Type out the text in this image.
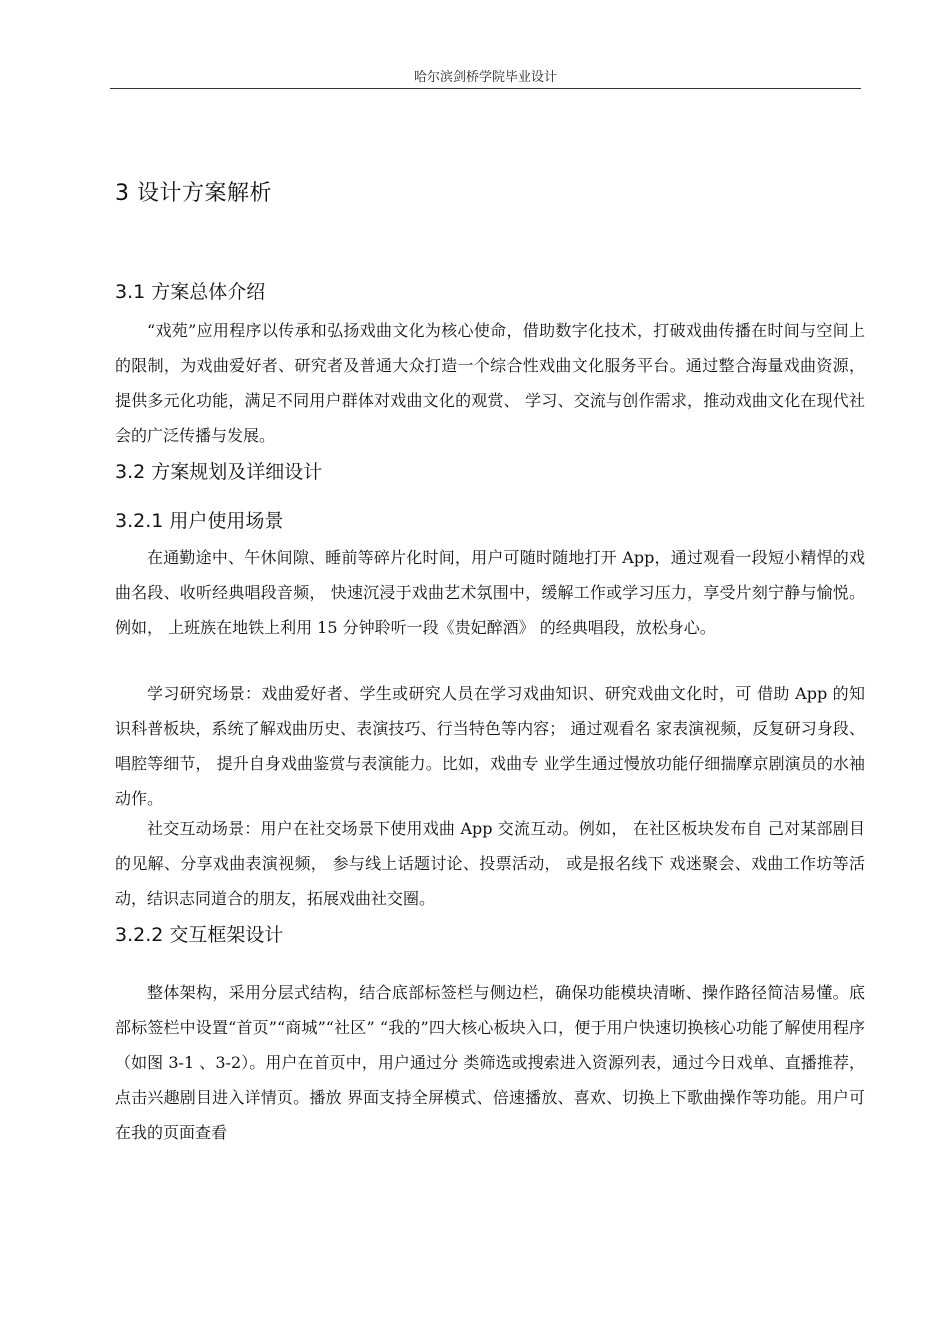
哈尔滨剑桥学院毕业设计
3 设计方案解析
3.1 方案总体介绍

“戏苑”应用程序以传承和弘扬戏曲文化为核心使命，借助数字化技术，打破戏曲传播在时间与空间上的限制，为戏曲爱好者、研究者及普通大众打造一个综合性戏曲文化服务平台。通过整合海量戏曲资源，提供多元化功能，满足不同用户群体对戏曲文化的观赏、 学习、交流与创作需求，推动戏曲文化在现代社会的广泛传播与发展。

3.2 方案规划及详细设计
3.2.1 用户使用场景

在通勤途中、午休间隙、睡前等碎片化时间，用户可随时随地打开 App，通过观看一段短小精悍的戏曲名段、收听经典唱段音频， 快速沉浸于戏曲艺术氛围中，缓解工作或学习压力，享受片刻宁静与愉悦。例如， 上班族在地铁上利用 15 分钟聆听一段《贵妃醉酒》 的经典唱段，放松身心。

学习研究场景：戏曲爱好者、学生或研究人员在学习戏曲知识、研究戏曲文化时，可 借助 App 的知识科普板块，系统了解戏曲历史、表演技巧、行当特色等内容； 通过观看名 家表演视频，反复研习身段、唱腔等细节， 提升自身戏曲鉴赏与表演能力。比如，戏曲专 业学生通过慢放功能仔细揣摩京剧演员的水袖动作。

社交互动场景：用户在社交场景下使用戏曲 App 交流互动。例如， 在社区板块发布自 己对某部剧目的见解、分享戏曲表演视频， 参与线上话题讨论、投票活动， 或是报名线下 戏迷聚会、戏曲工作坊等活动，结识志同道合的朋友，拓展戏曲社交圈。

3.2.2 交互框架设计

整体架构，采用分层式结构，结合底部标签栏与侧边栏，确保功能模块清晰、操作路径简洁易懂。底部标签栏中设置“首页”“商城”“社区” “我的”四大核心板块入口，便于用户快速切换核心功能了解使用程序（如图 3-1 、3-2）。用户在首页中，用户通过分 类筛选或搜索进入资源列表，通过今日戏单、直播推荐，点击兴趣剧目进入详情页。播放 界面支持全屏模式、倍速播放、喜欢、切换上下歌曲操作等功能。用户可在我的页面查看
